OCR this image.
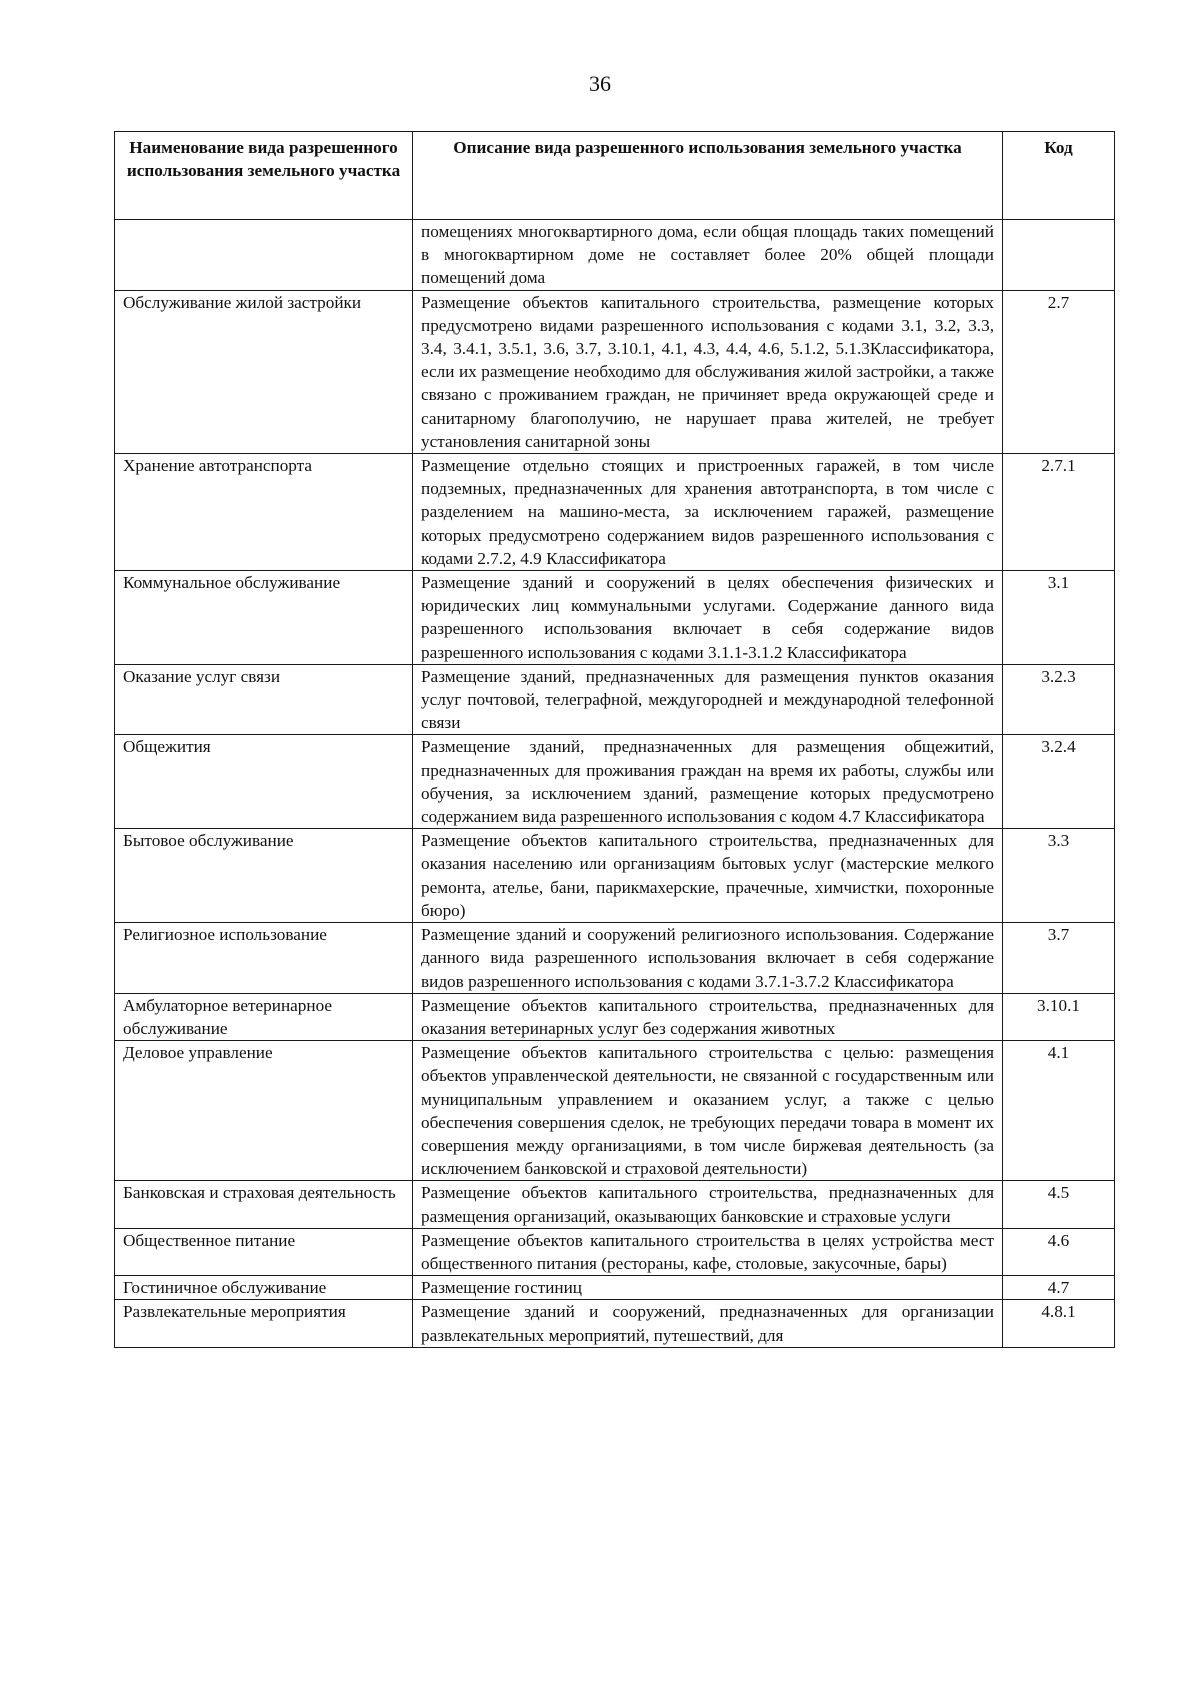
36
Наименование вида разрешенного использования земельного участка	Описание вида разрешенного использования земельного участка	Код
	помещениях многоквартирного дома, если общая площадь таких помещений в многоквартирном доме не составляет более 20% общей площади помещений дома	
Обслуживание жилой застройки	Размещение объектов капитального строительства, размещение которых предусмотрено видами разрешенного использования с кодами 3.1, 3.2, 3.3, 3.4, 3.4.1, 3.5.1, 3.6, 3.7, 3.10.1, 4.1, 4.3, 4.4, 4.6, 5.1.2, 5.1.3Классификатора, если их размещение необходимо для обслуживания жилой застройки, а также связано с проживанием граждан, не причиняет вреда окружающей среде и санитарному благополучию, не нарушает права жителей, не требует установления санитарной зоны	2.7
Хранение автотранспорта	Размещение отдельно стоящих и пристроенных гаражей, в том числе подземных, предназначенных для хранения автотранспорта, в том числе с разделением на машино-места, за исключением гаражей, размещение которых предусмотрено содержанием видов разрешенного использования с кодами 2.7.2, 4.9 Классификатора	2.7.1
Коммунальное обслуживание	Размещение зданий и сооружений в целях обеспечения физических и юридических лиц коммунальными услугами. Содержание данного вида разрешенного использования включает в себя содержание видов разрешенного использования с кодами 3.1.1-3.1.2 Классификатора	3.1
Оказание услуг связи	Размещение зданий, предназначенных для размещения пунктов оказания услуг почтовой, телеграфной, междугородней и международной телефонной связи	3.2.3
Общежития	Размещение зданий, предназначенных для размещения общежитий, предназначенных для проживания граждан на время их работы, службы или обучения, за исключением зданий, размещение которых предусмотрено содержанием вида разрешенного использования с кодом 4.7 Классификатора	3.2.4
Бытовое обслуживание	Размещение объектов капитального строительства, предназначенных для оказания населению или организациям бытовых услуг (мастерские мелкого ремонта, ателье, бани, парикмахерские, прачечные, химчистки, похоронные бюро)	3.3
Религиозное использование	Размещение зданий и сооружений религиозного использования. Содержание данного вида разрешенного использования включает в себя содержание видов разрешенного использования с кодами 3.7.1-3.7.2 Классификатора	3.7
Амбулаторное ветеринарное обслуживание	Размещение объектов капитального строительства, предназначенных для оказания ветеринарных услуг без содержания животных	3.10.1
Деловое управление	Размещение объектов капитального строительства с целью: размещения объектов управленческой деятельности, не связанной с государственным или муниципальным управлением и оказанием услуг, а также с целью обеспечения совершения сделок, не требующих передачи товара в момент их совершения между организациями, в том числе биржевая деятельность (за исключением банковской и страховой деятельности)	4.1
Банковская и страховая деятельность	Размещение объектов капитального строительства, предназначенных для размещения организаций, оказывающих банковские и страховые услуги	4.5
Общественное питание	Размещение объектов капитального строительства в целях устройства мест общественного питания (рестораны, кафе, столовые, закусочные, бары)	4.6
Гостиничное обслуживание	Размещение гостиниц	4.7
Развлекательные мероприятия	Размещение зданий и сооружений, предназначенных для организации развлекательных мероприятий, путешествий, для	4.8.1
